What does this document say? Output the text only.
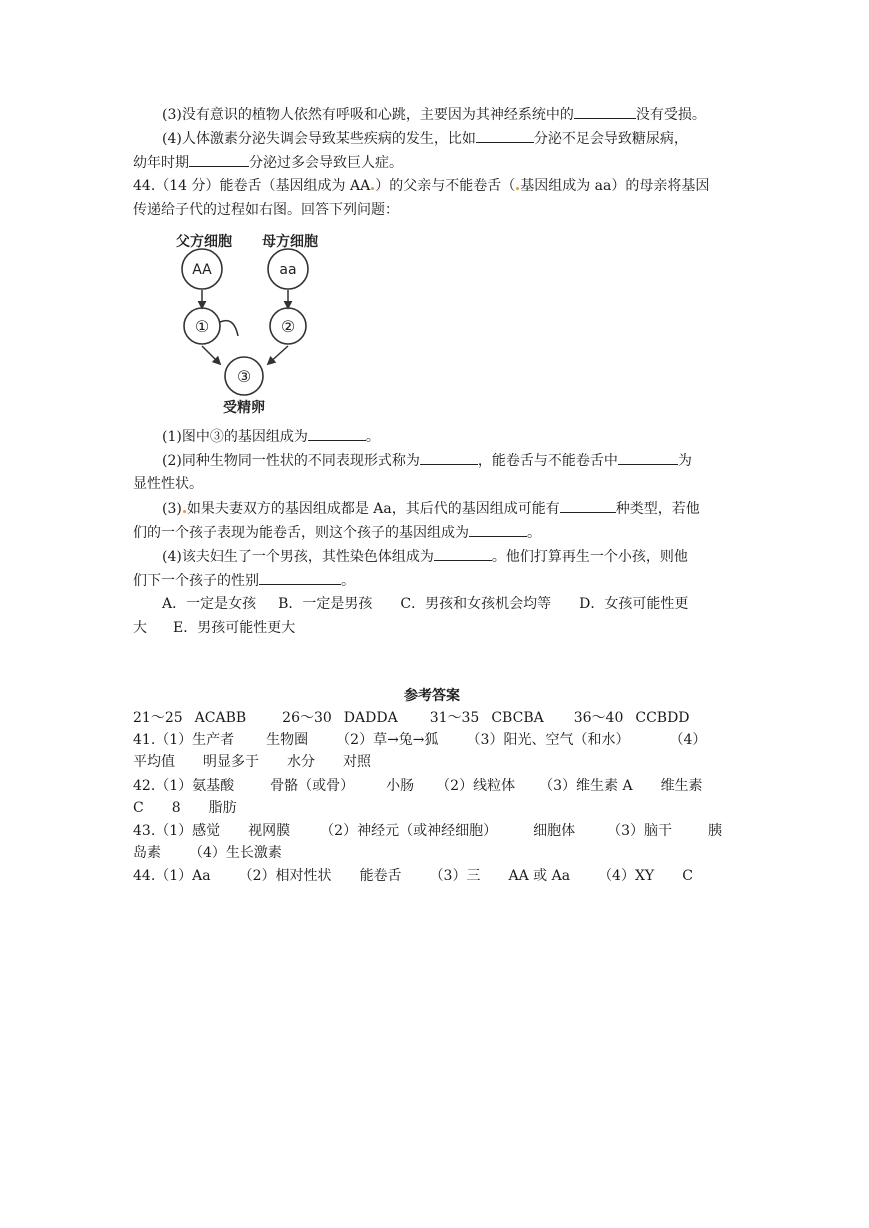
(3)没有意识的植物人依然有呼吸和心跳，主要因为其神经系统中的	没有受损。
(4)人体激素分泌失调会导致某些疾病的发生，比如	分泌不足会导致糖尿病，
幼年时期	分泌过多会导致巨人症。
44.（14 分）能卷舌（基因组成为 AA ）的父亲与不能卷舌（ 基因组成为 aa）的母亲将基因
传递给子代的过程如右图。回答下列问题：
父方细胞 母方细胞
AA	aa
①	②
③
受精卵
(1)图中③的基因组成为	。
(2)同种生物同一性状的不同表现形式称为	，能卷舌与不能卷舌中	为
显性性状。
(3) 如果夫妻双方的基因组成都是 Aa，其后代的基因组成可能有	种类型，若他
们的一个孩子表现为能卷舌，则这个孩子的基因组成为	。
(4)该夫妇生了一个男孩，其性染色体组成为	。他们打算再生一个小孩，则他
们下一个孩子的性别	。
A．一定是女孩 B．一定是男孩 C．男孩和女孩机会均等 D．女孩可能性更
大 E．男孩可能性更大
参考答案
21～25 ACABB	26～30 DADDA 31～35 CBCBA 36～40 CCBDD
41.（1）生产者 生物圈 （2）草→兔→狐 （3）阳光、空气（和水）	（4）
平均值 明显多于 水分 对照
42.（1）氨基酸	骨骼（或骨） 小肠 （2）线粒体 （3）维生素 A 维生素
C 8 脂肪
43.（1）感觉 视网膜 （2）神经元（或神经细胞）	细胞体 （3）脑干	胰
岛素 （4）生长激素
44.（1）Aa （2）相对性状 能卷舌 （3）三 AA 或 Aa （4）XY C
